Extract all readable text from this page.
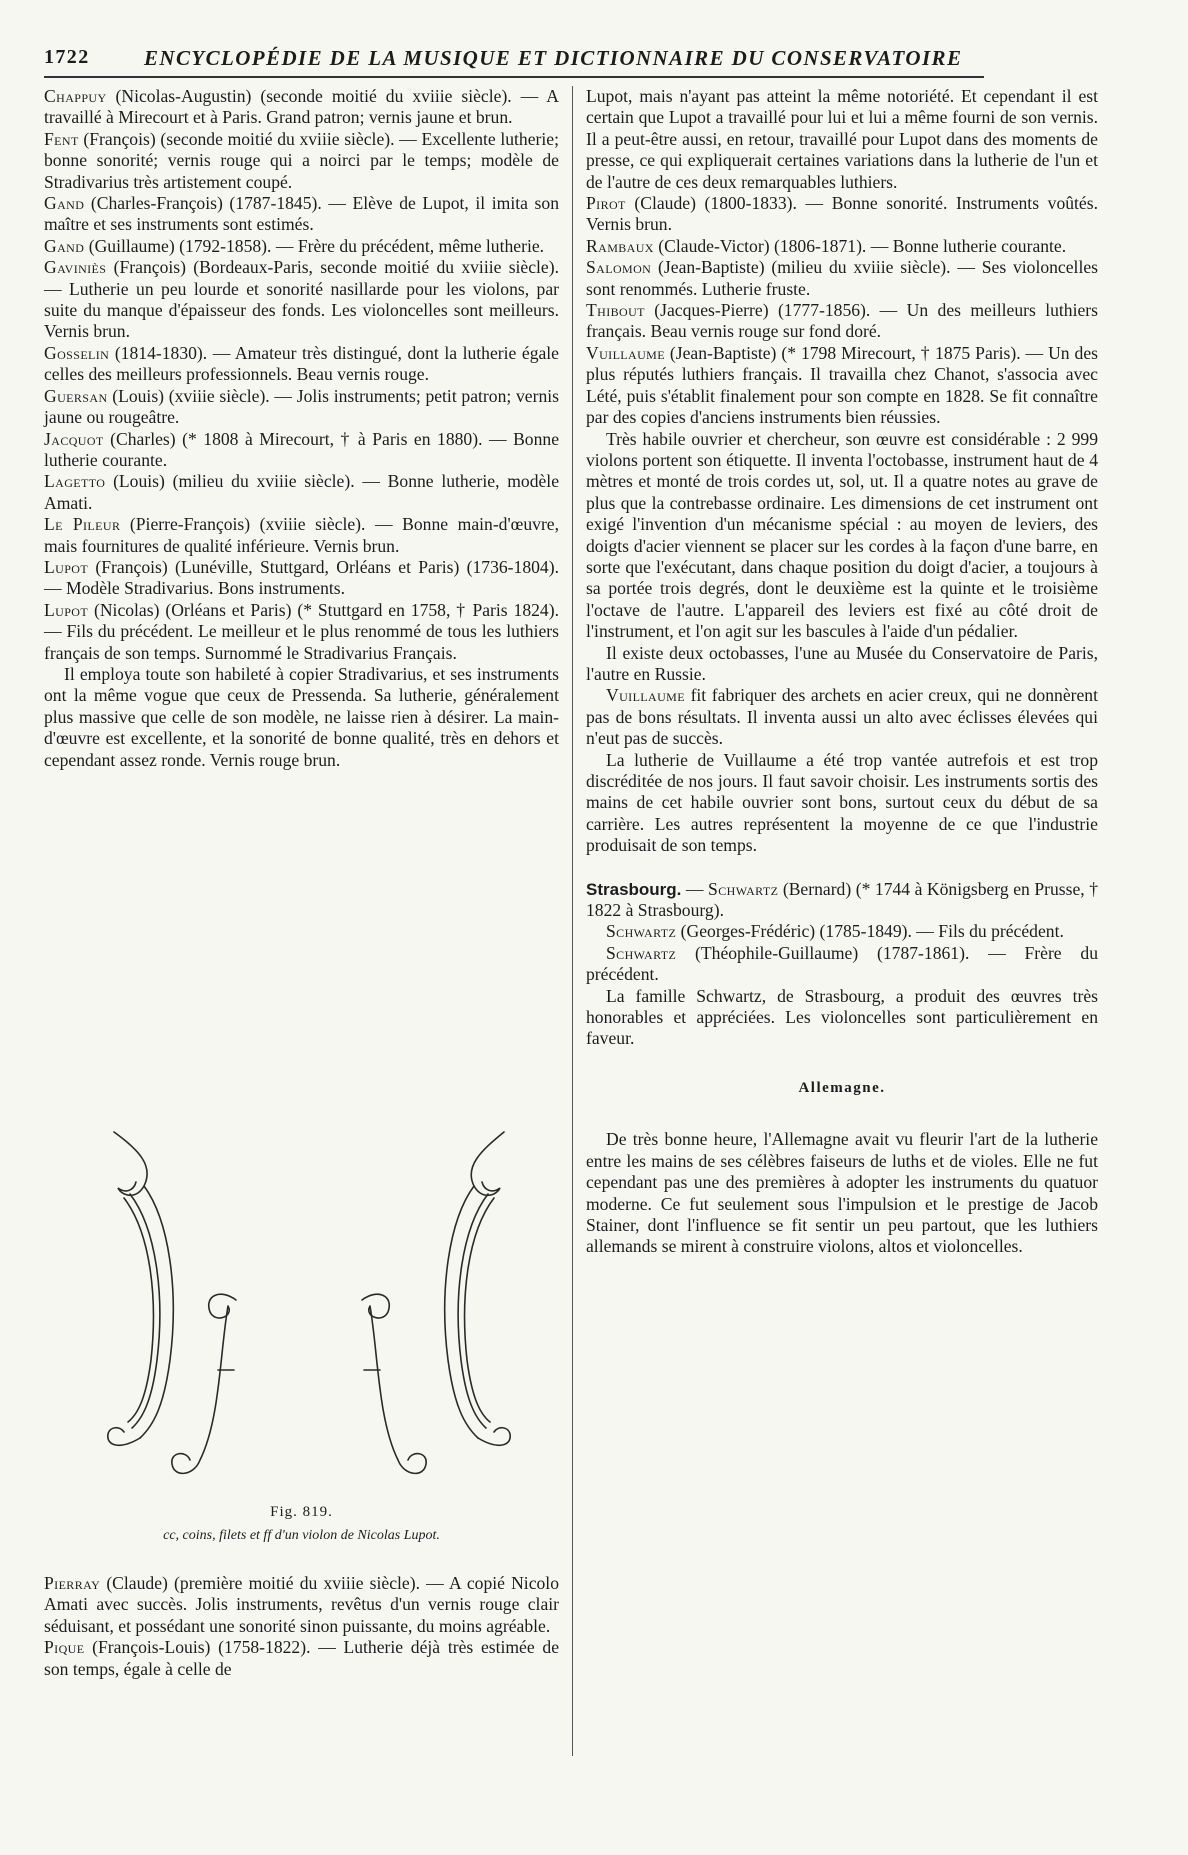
1722	ENCYCLOPÉDIE DE LA MUSIQUE ET DICTIONNAIRE DU CONSERVATOIRE

Chappuy (Nicolas-Augustin) (seconde moitié du xviiie siècle). — A travaillé à Mirecourt et à Paris. Grand patron; vernis jaune et brun.

Fent (François) (seconde moitié du xviiie siècle). — Excellente lutherie; bonne sonorité; vernis rouge qui a noirci par le temps; modèle de Stradivarius très artistement coupé.

Gand (Charles-François) (1787-1845). — Elève de Lupot, il imita son maître et ses instruments sont estimés.

Gand (Guillaume) (1792-1858). — Frère du précédent, même lutherie.

Gaviniès (François) (Bordeaux-Paris, seconde moitié du xviiie siècle). — Lutherie un peu lourde et sonorité nasillarde pour les violons, par suite du manque d'épaisseur des fonds. Les violoncelles sont meilleurs. Vernis brun.

Gosselin (1814-1830). — Amateur très distingué, dont la lutherie égale celles des meilleurs professionnels. Beau vernis rouge.

Guersan (Louis) (xviiie siècle). — Jolis instruments; petit patron; vernis jaune ou rougeâtre.

Jacquot (Charles) (* 1808 à Mirecourt, † à Paris en 1880). — Bonne lutherie courante.

Lagetto (Louis) (milieu du xviiie siècle). — Bonne lutherie, modèle Amati.

Le Pileur (Pierre-François) (xviiie siècle). — Bonne main-d'œuvre, mais fournitures de qualité inférieure. Vernis brun.

Lupot (François) (Lunéville, Stuttgard, Orléans et Paris) (1736-1804). — Modèle Stradivarius. Bons instruments.

Lupot (Nicolas) (Orléans et Paris) (* Stuttgard en 1758, † Paris 1824). — Fils du précédent. Le meilleur et le plus renommé de tous les luthiers français de son temps. Surnommé le Stradivarius Français.

Il employa toute son habileté à copier Stradivarius, et ses instruments ont la même vogue que ceux de Pressenda. Sa lutherie, généralement plus massive que celle de son modèle, ne laisse rien à désirer. La main-d'œuvre est excellente, et la sonorité de bonne qualité, très en dehors et cependant assez ronde. Vernis rouge brun.

Fig. 819.
cc, coins, filets et ff d'un violon de Nicolas Lupot.

Pierray (Claude) (première moitié du xviiie siècle). — A copié Nicolo Amati avec succès. Jolis instruments, revêtus d'un vernis rouge clair séduisant, et possédant une sonorité sinon puissante, du moins agréable.

Pique (François-Louis) (1758-1822). — Lutherie déjà très estimée de son temps, égale à celle de

Lupot, mais n'ayant pas atteint la même notoriété. Et cependant il est certain que Lupot a travaillé pour lui et lui a même fourni de son vernis. Il a peut-être aussi, en retour, travaillé pour Lupot dans des moments de presse, ce qui expliquerait certaines variations dans la lutherie de l'un et de l'autre de ces deux remarquables luthiers.

Pirot (Claude) (1800-1833). — Bonne sonorité. Instruments voûtés. Vernis brun.

Rambaux (Claude-Victor) (1806-1871). — Bonne lutherie courante.

Salomon (Jean-Baptiste) (milieu du xviiie siècle). — Ses violoncelles sont renommés. Lutherie fruste.

Thibout (Jacques-Pierre) (1777-1856). — Un des meilleurs luthiers français. Beau vernis rouge sur fond doré.

Vuillaume (Jean-Baptiste) (* 1798 Mirecourt, † 1875 Paris). — Un des plus réputés luthiers français. Il travailla chez Chanot, s'associa avec Lété, puis s'établit finalement pour son compte en 1828. Se fit connaître par des copies d'anciens instruments bien réussies.

Très habile ouvrier et chercheur, son œuvre est considérable : 2 999 violons portent son étiquette. Il inventa l'octobasse, instrument haut de 4 mètres et monté de trois cordes ut, sol, ut. Il a quatre notes au grave de plus que la contrebasse ordinaire. Les dimensions de cet instrument ont exigé l'invention d'un mécanisme spécial : au moyen de leviers, des doigts d'acier viennent se placer sur les cordes à la façon d'une barre, en sorte que l'exécutant, dans chaque position du doigt d'acier, a toujours à sa portée trois degrés, dont le deuxième est la quinte et le troisième l'octave de l'autre. L'appareil des leviers est fixé au côté droit de l'instrument, et l'on agit sur les bascules à l'aide d'un pédalier.

Il existe deux octobasses, l'une au Musée du Conservatoire de Paris, l'autre en Russie.

Vuillaume fit fabriquer des archets en acier creux, qui ne donnèrent pas de bons résultats. Il inventa aussi un alto avec éclisses élevées qui n'eut pas de succès.

La lutherie de Vuillaume a été trop vantée autrefois et est trop discréditée de nos jours. Il faut savoir choisir. Les instruments sortis des mains de cet habile ouvrier sont bons, surtout ceux du début de sa carrière. Les autres représentent la moyenne de ce que l'industrie produisait de son temps.

Strasbourg. — Schwartz (Bernard) (* 1744 à Königsberg en Prusse, † 1822 à Strasbourg).

Schwartz (Georges-Frédéric) (1785-1849). — Fils du précédent.

Schwartz (Théophile-Guillaume) (1787-1861). — Frère du précédent.

La famille Schwartz, de Strasbourg, a produit des œuvres très honorables et appréciées. Les violoncelles sont particulièrement en faveur.

Allemagne.

De très bonne heure, l'Allemagne avait vu fleurir l'art de la lutherie entre les mains de ses célèbres faiseurs de luths et de violes. Elle ne fut cependant pas une des premières à adopter les instruments du quatuor moderne. Ce fut seulement sous l'impulsion et le prestige de Jacob Stainer, dont l'influence se fit sentir un peu partout, que les luthiers allemands se mirent à construire violons, altos et violoncelles.
